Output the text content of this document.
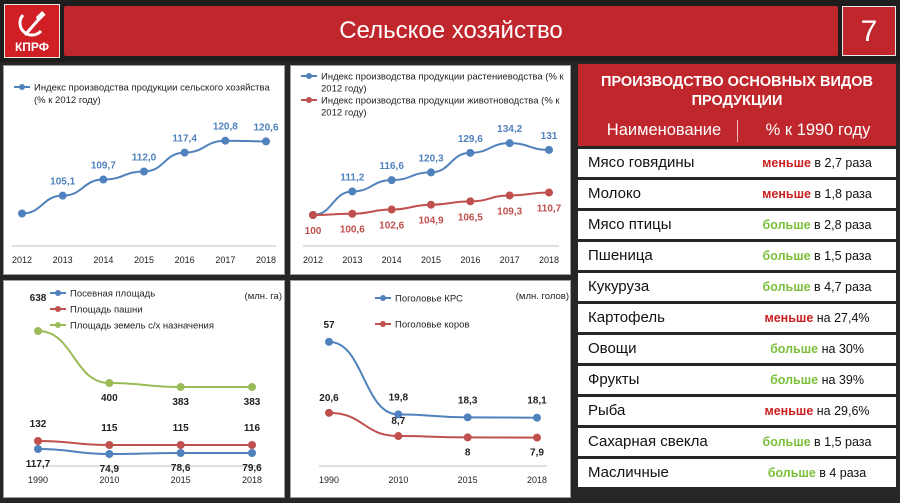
КПРФ
Сельское хозяйство	7
Индекс производства продукции сельского хозяйства
(% к 2012 году)
2012 2013 2014 2015 2016 2017 2018
105,1
109,7
112,0
117,4
120,8 120,6
Индекс производства продукции растениеводства (% к
2012 году)
Индекс производства продукции животноводства (% к
2012 году)
2012 2013 2014 2015 2016 2017 2018
111,2
116,6
120,3
129,6
134,2
131
100 100,6 102,6 104,9 106,5
109,3 110,7
Посевная площадь
Площадь пашни
Площадь земель с/х назначения
(млн. га)
1990	2010	2015	2018
117,7	74,9	78,6	79,6
132	115	115	116
638
400	383	383
Поголовье КРС
Поголовье коров
(млн. голов)
1990	2010	2015	2018
57
19,8	18,3	18,1
20,6
8,7
8	7,9
ПРОИЗВОДСТВО ОСНОВНЫХ ВИДОВ ПРОДУКЦИИ
Наименование	% к 1990 году
Мясо говядины	меньше в 2,7 раза
Молоко	меньше в 1,8 раза
Мясо птицы	больше в 2,8 раза
Пшеница	больше в 1,5 раза
Кукуруза	больше в 4,7 раза
Картофель	меньше на 27,4%
Овощи	больше на 30%
Фрукты	больше на 39%
Рыба	меньше на 29,6%
Сахарная свекла	больше в 1,5 раза
Масличные	больше в 4 раза
